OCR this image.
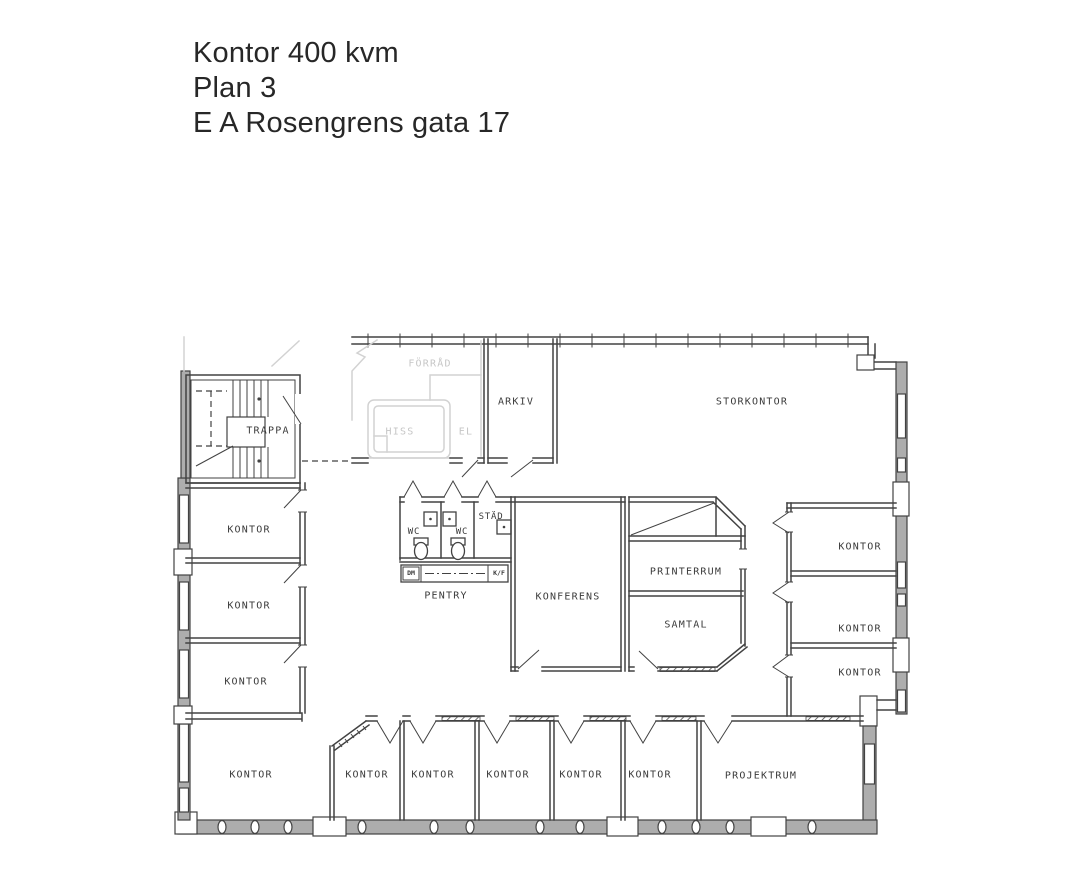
Kontor 400 kvm
Plan 3
E A Rosengrens gata 17
TRAPPA
FÖRRÅD
HISS	EL
ARKIV	STORKONTOR
KONTOR
KONTOR
KONTOR
WC	WC
STÄD
DM	K/F
PENTRY	KONFERENS
PRINTERRUM
SAMTAL
KONTOR
KONTOR
KONTOR
KONTOR	KONTOR KONTOR	KONTOR	KONTOR	KONTOR	PROJEKTRUM
